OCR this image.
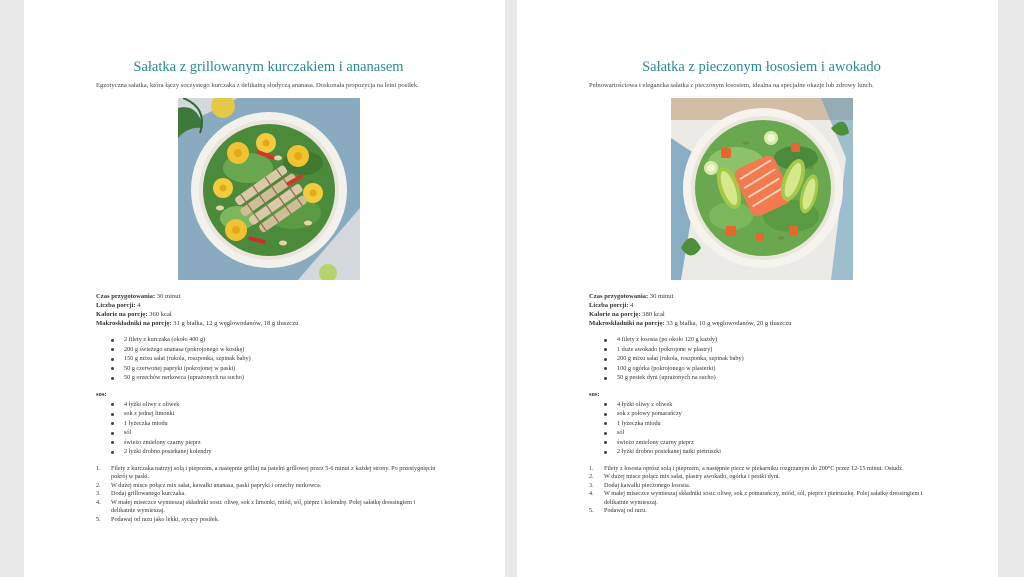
Sałatka z grillowanym kurczakiem i ananasem
Egzotyczna sałatka, która łączy soczystego kurczaka z delikatną słodyczą ananasa. Doskonała propozycja na letni posiłek.
Czas przygotowania: 30 minut
Liczba porcji: 4
Kalorie na porcję: 360 kcal
Makroskładniki na porcję: 31 g białka, 12 g węglowodanów, 18 g tłuszczu
2 filety z kurczaka (około 400 g)
200 g świeżego ananasa (pokrojonego w kostkę)
150 g mixu sałat (rukola, roszponka, szpinak baby)
50 g czerwonej papryki (pokrojonej w paski)
50 g orzechów nerkowca (uprażonych na sucho)
sos:
4 łyżki oliwy z oliwek
sok z jednej limonki
1 łyżeczka miodu
sól
świeżo zmielony czarny pieprz
2 łyżki drobno posiekanej kolendry
1. Filety z kurczaka natrzyj solą i pieprzem, a następnie grilluj na patelni grillowej przez 5-6 minut z każdej strony. Po przestygnięciu pokrój w paski.
2. W dużej misce połącz mix sałat, kawałki ananasa, paski papryki i orzechy nerkowca.
3. Dodaj grillowanego kurczaka.
4. W małej miseczce wymieszaj składniki sosu: oliwę, sok z limonki, miód, sól, pieprz i kolendrę. Polej sałatkę dressingiem i delikatnie wymieszaj.
5. Podawaj od razu jako lekki, sycący posiłek.
Sałatka z pieczonym łososiem i awokado
Pełnowartościowa i elegancka sałatka z pieczonym łososiem, idealna na specjalne okazje lub zdrowy lunch.
Czas przygotowania: 30 minut
Liczba porcji: 4
Kalorie na porcję: 380 kcal
Makroskładniki na porcję: 33 g białka, 10 g węglowodanów, 20 g tłuszczu
4 filety z łososia (po około 120 g każdy)
1 duże awokado (pokrojone w plastry)
200 g mixu sałat (rukola, roszponka, szpinak baby)
100 g ogórka (pokrojonego w plasterki)
50 g pestek dyni (uprażonych na sucho)
sos:
4 łyżki oliwy z oliwek
sok z połowy pomarańczy
1 łyżeczka miodu
sól
świeżo zmielony czarny pieprz
2 łyżki drobno posiekanej natki pietruszki
1. Filety z łososia oprósz solą i pieprzem, a następnie piecz w piekarniku rozgrzanym do 200°C przez 12-15 minut. Ostudź.
2. W dużej misce połącz mix sałat, plastry awokado, ogórka i pestki dyni.
3. Dodaj kawałki pieczonego łososia.
4. W małej miseczce wymieszaj składniki sosu: oliwę, sok z pomarańczy, miód, sól, pieprz i pietruszkę. Polej sałatkę dressingiem i delikatnie wymieszaj.
5. Podawaj od razu.
